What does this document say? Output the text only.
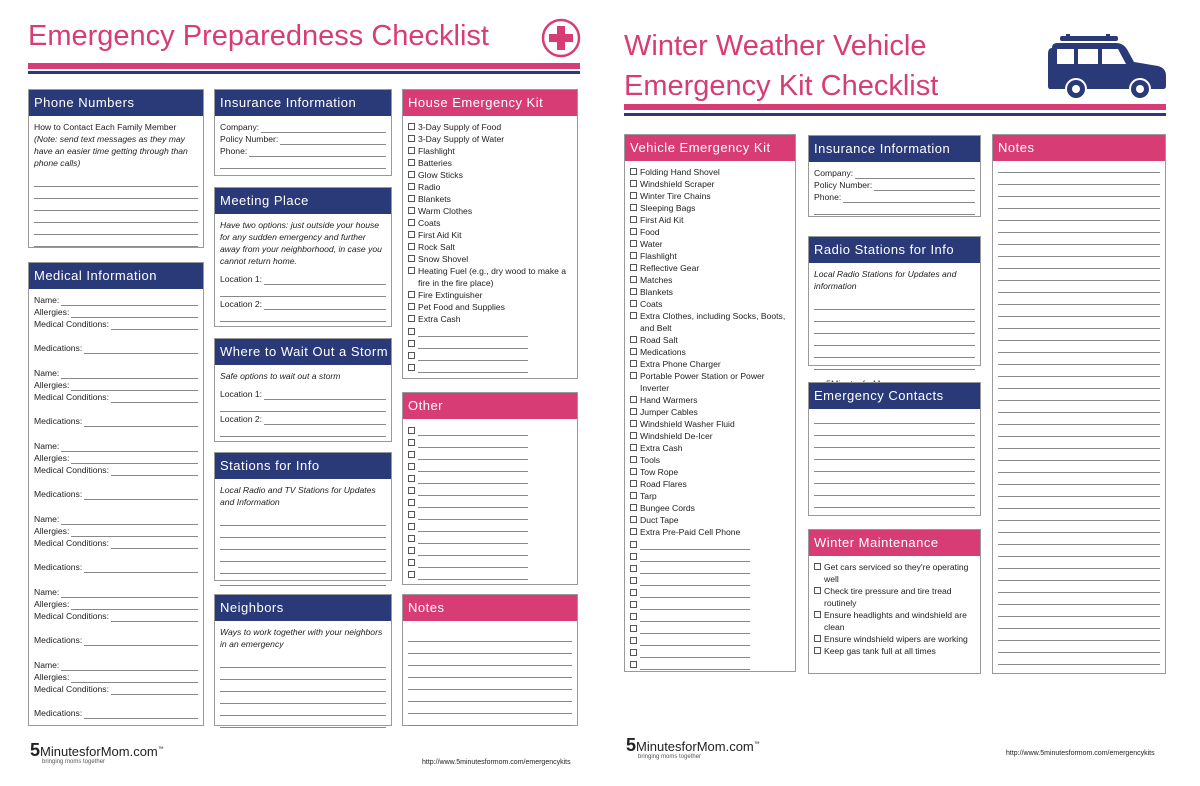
Emergency Preparedness Checklist
Phone Numbers
How to Contact Each Family Member
(Note: send text messages as they may have an easier time getting through than phone calls)
Medical Information
Name:
Allergies:
Medical Conditions:
Medications:
Name:
Allergies:
Medical Conditions:
Medications:
Name:
Allergies:
Medical Conditions:
Medications:
Name:
Allergies:
Medical Conditions:
Medications:
Name:
Allergies:
Medical Conditions:
Medications:
Name:
Allergies:
Medical Conditions:
Medications:
Insurance Information
Company:
Policy Number:
Phone:
Meeting Place
Have two options: just outside your house for any sudden emergency and further away from your neighborhood, in case you cannot return home.
Location 1:
Location 2:
Where to Wait Out a Storm
Safe options to wait out a storm
Location 1:
Location 2:
Stations for Info
Local Radio and TV Stations for Updates and Information
Neighbors
Ways to work together with your neighbors in an emergency
House Emergency Kit
3-Day Supply of Food
3-Day Supply of Water
Flashlight
Batteries
Glow Sticks
Radio
Blankets
Warm Clothes
Coats
First Aid Kit
Rock Salt
Snow Shovel
Heating Fuel (e.g., dry wood to make a fire in the fire place)
Fire Extinguisher
Pet Food and Supplies
Extra Cash
Other
Notes
5MinutesforMom.com™
bringing moms together	http://www.5minutesformom.com/emergencykits
Winter Weather Vehicle
Emergency Kit Checklist
Vehicle Emergency Kit
Folding Hand Shovel
Windshield Scraper
Winter Tire Chains
Sleeping Bags
First Aid Kit
Food
Water
Flashlight
Reflective Gear
Matches
Blankets
Coats
Extra Clothes, including Socks, Boots, and Belt
Road Salt
Medications
Extra Phone Charger
Portable Power Station or Power Inverter
Hand Warmers
Jumper Cables
Windshield Washer Fluid
Windshield De-Icer
Extra Cash
Tools
Tow Rope
Road Flares
Tarp
Bungee Cords
Duct Tape
Extra Pre-Paid Cell Phone
Insurance Information
Company:
Policy Number:
Phone:
Radio Stations for Info
Local Radio Stations for Updates and information
Emergency Contacts
Winter Maintenance
Get cars serviced so they're operating well
Check tire pressure and tire tread routinely
Ensure headlights and windshield are clean
Ensure windshield wipers are working
Keep gas tank full at all times
Notes
5MinutesforMom.com™
bringing moms together	http://www.5minutesformom.com/emergencykits
